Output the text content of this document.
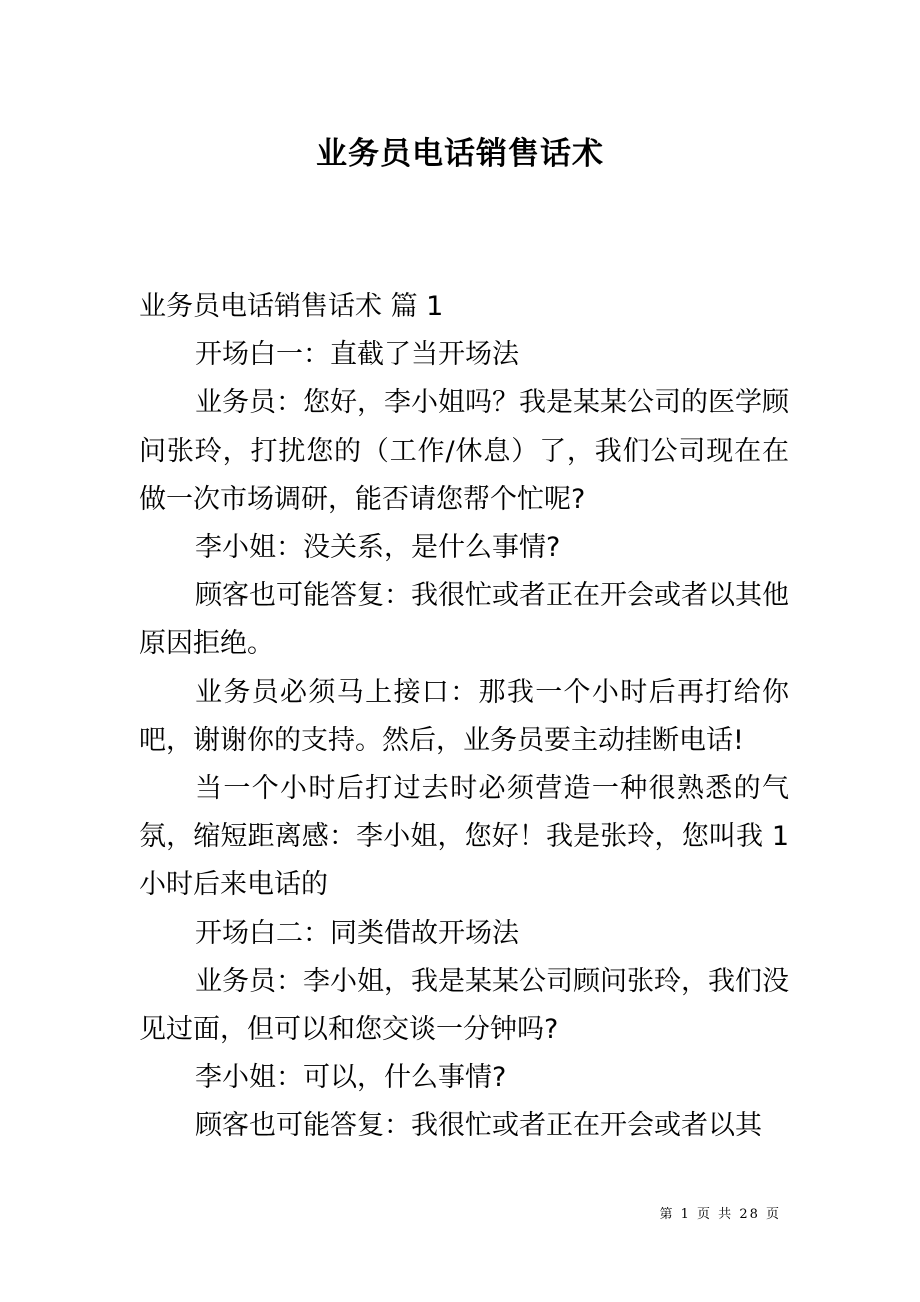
业务员电话销售话术

业务员电话销售话术 篇 1

开场白一：直截了当开场法

业务员：您好，李小姐吗？我是某某公司的医学顾问张玲，打扰您的（工作/休息）了，我们公司现在在做一次市场调研，能否请您帮个忙呢?

李小姐：没关系，是什么事情?

顾客也可能答复：我很忙或者正在开会或者以其他原因拒绝。

业务员必须马上接口：那我一个小时后再打给你吧，谢谢你的支持。然后，业务员要主动挂断电话!

当一个小时后打过去时必须营造一种很熟悉的气氛，缩短距离感：李小姐，您好！我是张玲，您叫我 1 小时后来电话的

开场白二：同类借故开场法

业务员：李小姐，我是某某公司顾问张玲，我们没见过面，但可以和您交谈一分钟吗?

李小姐：可以，什么事情?

顾客也可能答复：我很忙或者正在开会或者以其

第 1 页 共 28 页
